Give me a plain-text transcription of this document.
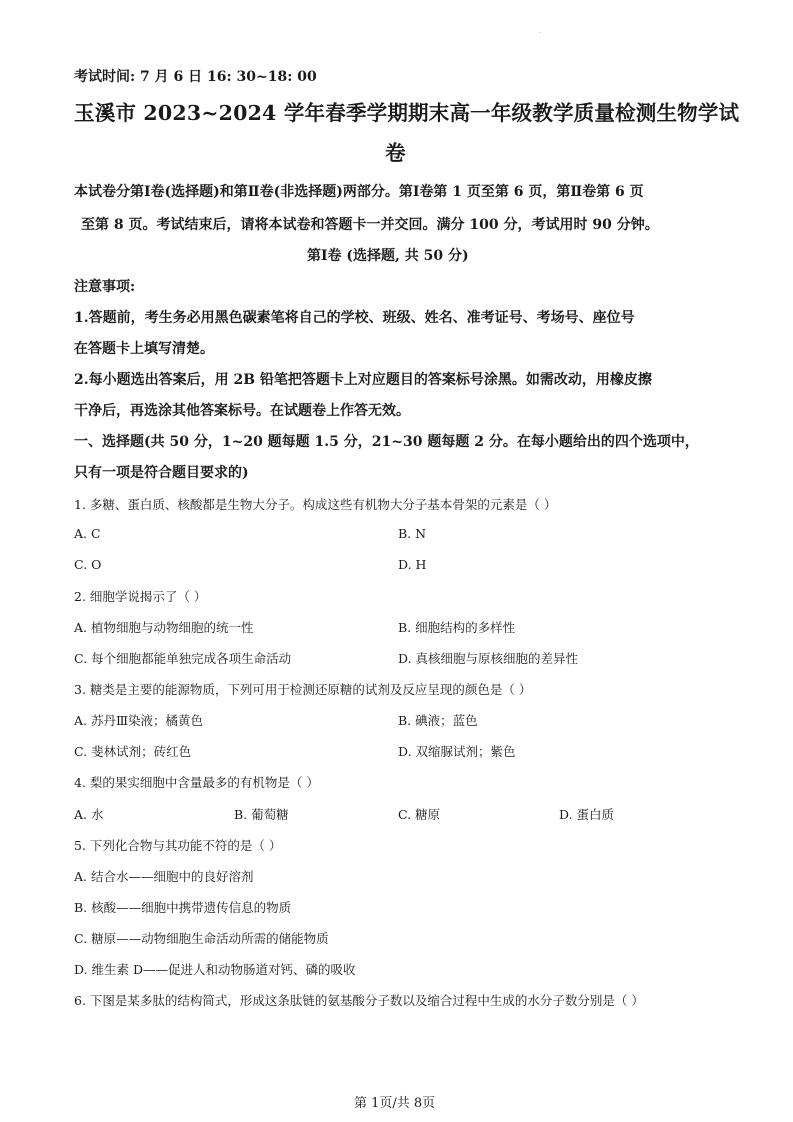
.
考试时间: 7 月 6 日 16: 30~18: 00
玉溪市 2023~2024 学年春季学期期末高一年级教学质量检测生物学试
卷
本试卷分第Ⅰ卷(选择题)和第Ⅱ卷(非选择题)两部分。第Ⅰ卷第 1 页至第 6 页，第Ⅱ卷第 6 页
至第 8 页。考试结束后，请将本试卷和答题卡一并交回。满分 100 分，考试用时 90 分钟。
第Ⅰ卷 (选择题, 共 50 分)
注意事项:
1.答题前，考生务必用黑色碳素笔将自己的学校、班级、姓名、准考证号、考场号、座位号
在答题卡上填写清楚。
2.每小题选出答案后，用 2B 铅笔把答题卡上对应题目的答案标号涂黑。如需改动，用橡皮擦
干净后，再选涂其他答案标号。在试题卷上作答无效。
一、选择题(共 50 分，1~20 题每题 1.5 分，21~30 题每题 2 分。在每小题给出的四个选项中，
只有一项是符合题目要求的)
1. 多糖、蛋白质、核酸都是生物大分子。构成这些有机物大分子基本骨架的元素是（ ）
A. C	B. N
C. O	D. H
2. 细胞学说揭示了（ ）
A. 植物细胞与动物细胞的统一性	B. 细胞结构的多样性
C. 每个细胞都能单独完成各项生命活动	D. 真核细胞与原核细胞的差异性
3. 糖类是主要的能源物质，下列可用于检测还原糖的试剂及反应呈现的颜色是（ ）
A. 苏丹Ⅲ染液；橘黄色	B. 碘液；蓝色
C. 斐林试剂；砖红色	D. 双缩脲试剂；紫色
4. 梨的果实细胞中含量最多的有机物是（ ）
A. 水	B. 葡萄糖	C. 糖原	D. 蛋白质
5. 下列化合物与其功能不符的是（ ）
A. 结合水——细胞中的良好溶剂
B. 核酸——细胞中携带遗传信息的物质
C. 糖原——动物细胞生命活动所需的储能物质
D. 维生素 D——促进人和动物肠道对钙、磷的吸收
6. 下图是某多肽的结构简式，形成这条肽链的氨基酸分子数以及缩合过程中生成的水分子数分别是（ ）
第 1页/共 8页
